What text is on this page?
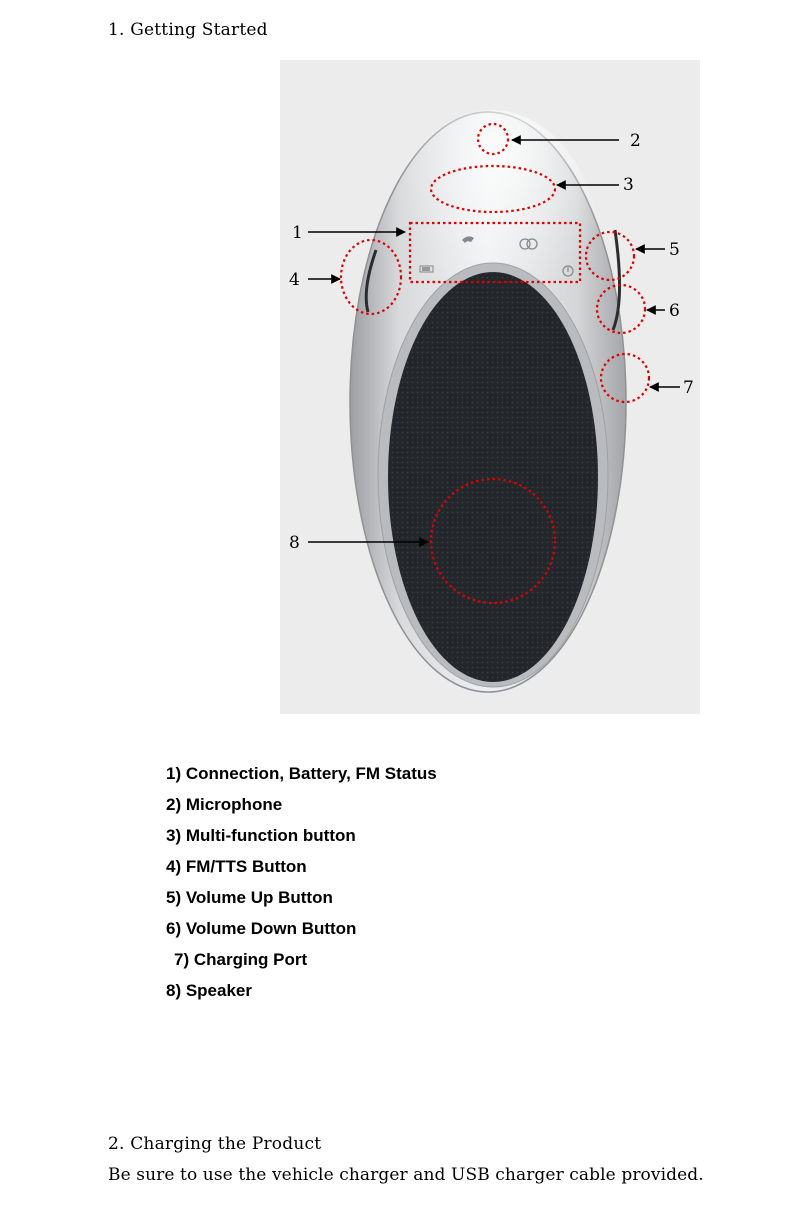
1. Getting Started
1
2
3
4
5
6
7
8
1) Connection, Battery, FM Status
2) Microphone
3) Multi-function button
4) FM/TTS Button
5) Volume Up Button
6) Volume Down Button
7) Charging Port
8) Speaker
2. Charging the Product
Be sure to use the vehicle charger and USB charger cable provided.
